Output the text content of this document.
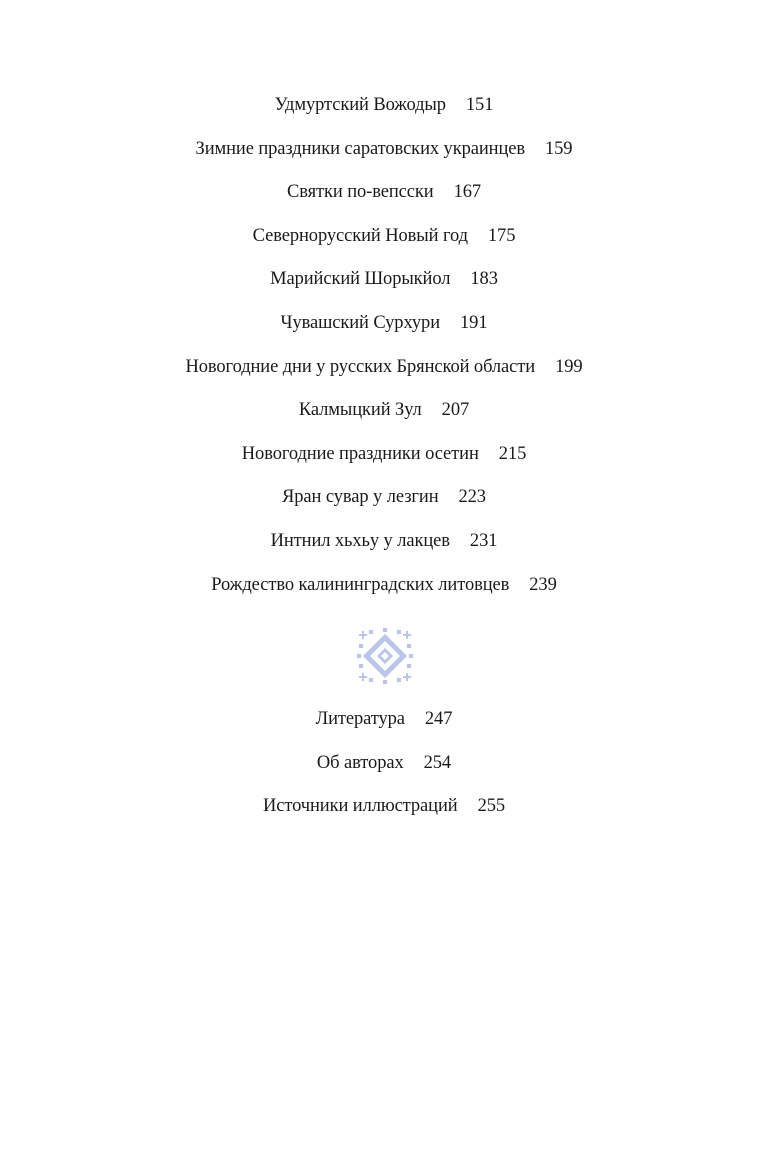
Удмуртский Вожодыр 151
Зимние праздники саратовских украинцев 159
Святки по-вепсски 167
Севернорусский Новый год 175
Марийский Шорыкйол 183
Чувашский Сурхури 191
Новогодние дни у русских Брянской области 199
Калмыцкий Зул 207
Новогодние праздники осетин 215
Яран сувар у лезгин 223
Интнил хьхьу у лакцев 231
Рождество калининградских литовцев 239
Литература 247
Об авторах 254
Источники иллюстраций 255
